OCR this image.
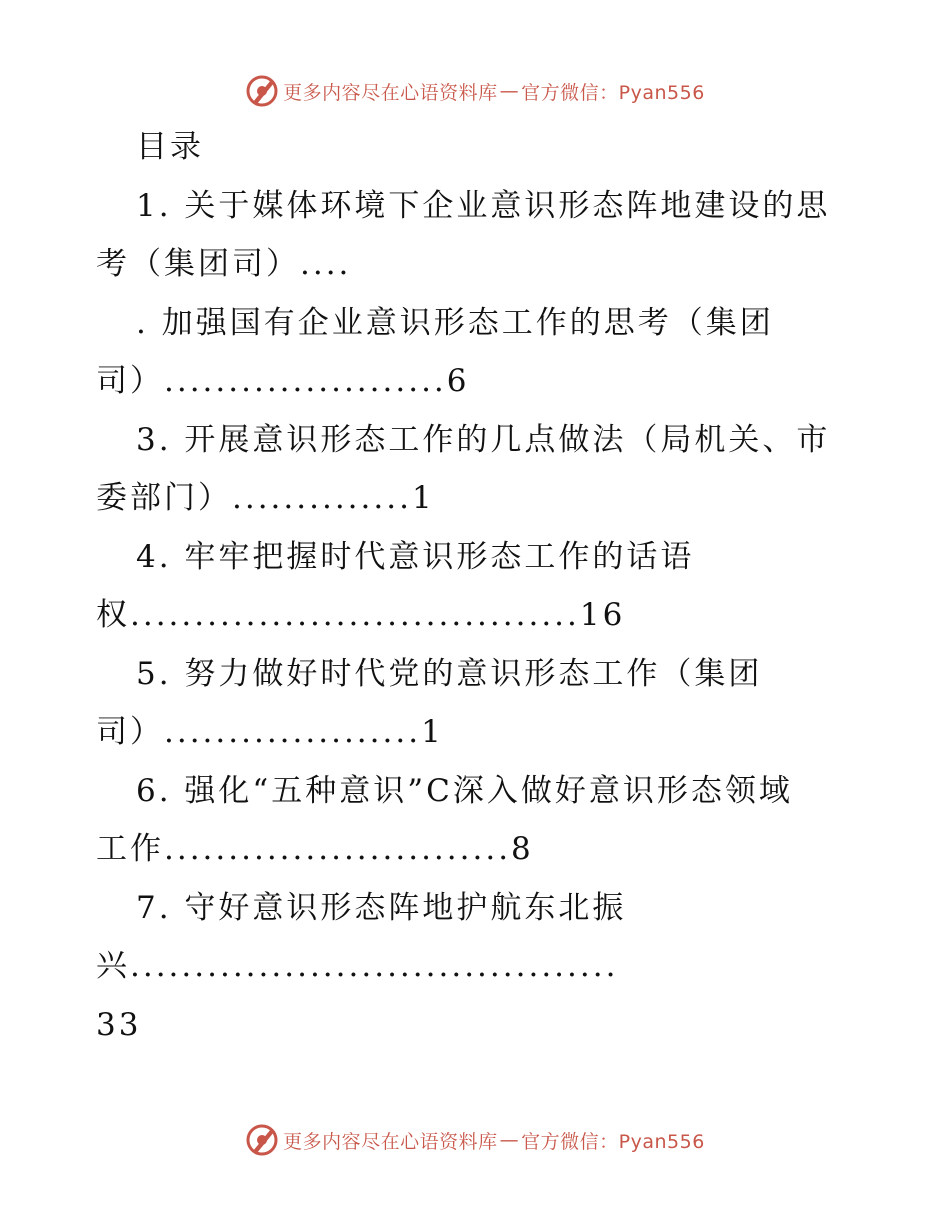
更多内容尽在心语资料库 — 官方微信：Pyan556

目录

1. 关于媒体环境下企业意识形态阵地建设的思

考（集团司）....

. 加强国有企业意识形态工作的思考（集团

司）......................6

3. 开展意识形态工作的几点做法（局机关、市

委部门）..............1

4. 牢牢把握时代意识形态工作的话语

权...................................16

5. 努力做好时代党的意识形态工作（集团

司）....................1

6. 强化“五种意识”C深入做好意识形态领域

工作...........................8

7. 守好意识形态阵地护航东北振

兴......................................

33

更多内容尽在心语资料库 — 官方微信：Pyan556
